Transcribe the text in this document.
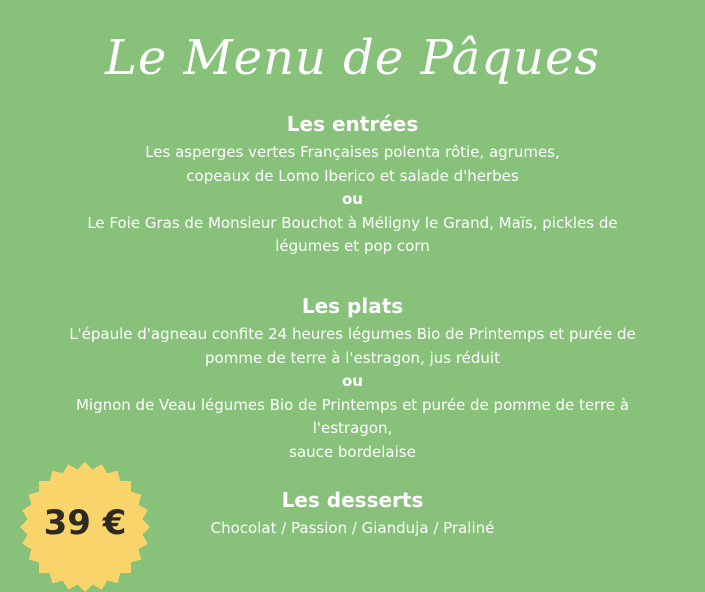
Le Menu de Pâques
Les entrées
Les asperges vertes Françaises polenta rôtie, agrumes,
copeaux de Lomo Iberico et salade d'herbes
ou
Le Foie Gras de Monsieur Bouchot à Méligny le Grand, Maïs, pickles de
légumes et pop corn
Les plats
L'épaule d'agneau confite 24 heures légumes Bio de Printemps et purée de
pomme de terre à l'estragon, jus réduit
ou
Mignon de Veau légumes Bio de Printemps et purée de pomme de terre à
l'estragon,
sauce bordelaise
Les desserts
Chocolat / Passion / Gianduja / Praliné
39 €
